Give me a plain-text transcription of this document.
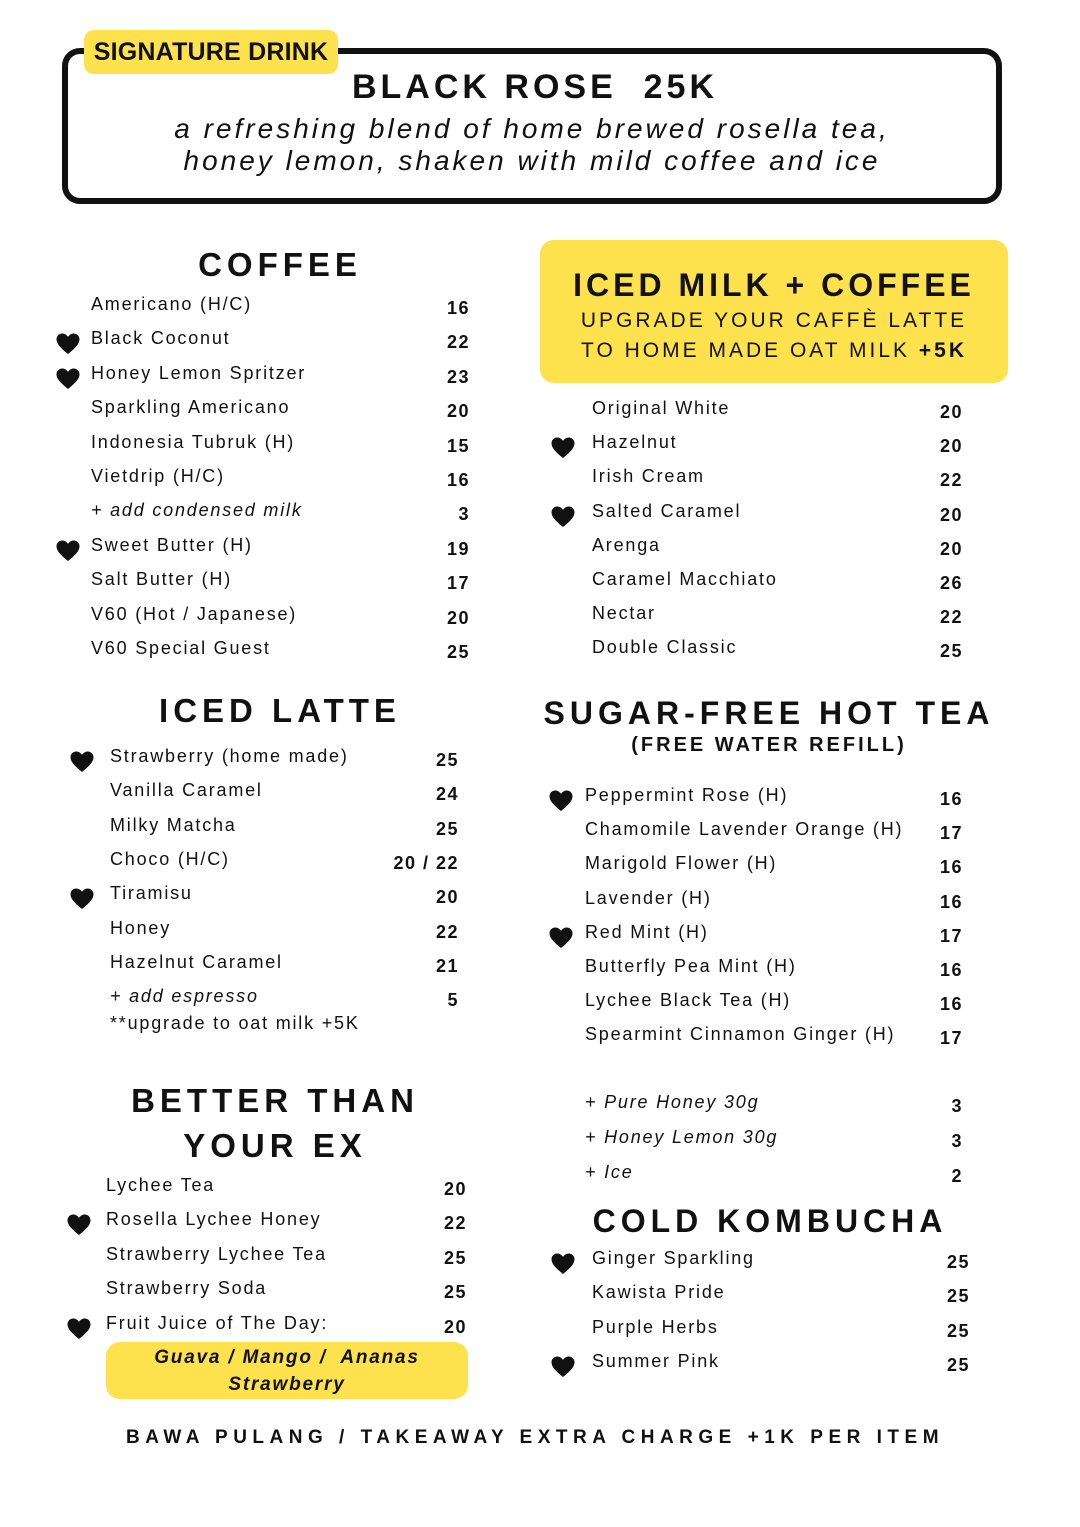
SIGNATURE DRINK
BLACK ROSE  25K
a refreshing blend of home brewed rosella tea,
honey lemon, shaken with mild coffee and ice
COFFEE
Americano (H/C)	16
Black Coconut	22
Honey Lemon Spritzer	23
Sparkling Americano	20
Indonesia Tubruk (H)	15
Vietdrip (H/C)	16
+ add condensed milk	3
Sweet Butter (H)	19
Salt Butter (H)	17
V60 (Hot / Japanese)	20
V60 Special Guest	25
ICED MILK + COFFEE
UPGRADE YOUR CAFFÈ LATTE
TO HOME MADE OAT MILK +5K
Original White	20
Hazelnut	20
Irish Cream	22
Salted Caramel	20
Arenga	20
Caramel Macchiato	26
Nectar	22
Double Classic	25
ICED LATTE
Strawberry (home made)	25
Vanilla Caramel	24
Milky Matcha	25
Choco (H/C)	20 / 22
Tiramisu	20
Honey	22
Hazelnut Caramel	21
+ add espresso	5
**upgrade to oat milk +5K
SUGAR-FREE HOT TEA
(FREE WATER REFILL)
Peppermint Rose (H)	16
Chamomile Lavender Orange (H) 17
Marigold Flower (H)	16
Lavender (H)	16
Red Mint (H)	17
Butterfly Pea Mint (H)	16
Lychee Black Tea (H)	16
Spearmint Cinnamon Ginger (H) 17
+ Pure Honey 30g	3
+ Honey Lemon 30g	3
+ Ice	2
BETTER THAN
YOUR EX
Lychee Tea	20
Rosella Lychee Honey	22
Strawberry Lychee Tea	25
Strawberry Soda	25
Fruit Juice of The Day:	20
Guava / Mango /  Ananas
Strawberry
COLD KOMBUCHA
Ginger Sparkling	25
Kawista Pride	25
Purple Herbs	25
Summer Pink	25
BAWA PULANG / TAKEAWAY EXTRA CHARGE +1K PER ITEM
